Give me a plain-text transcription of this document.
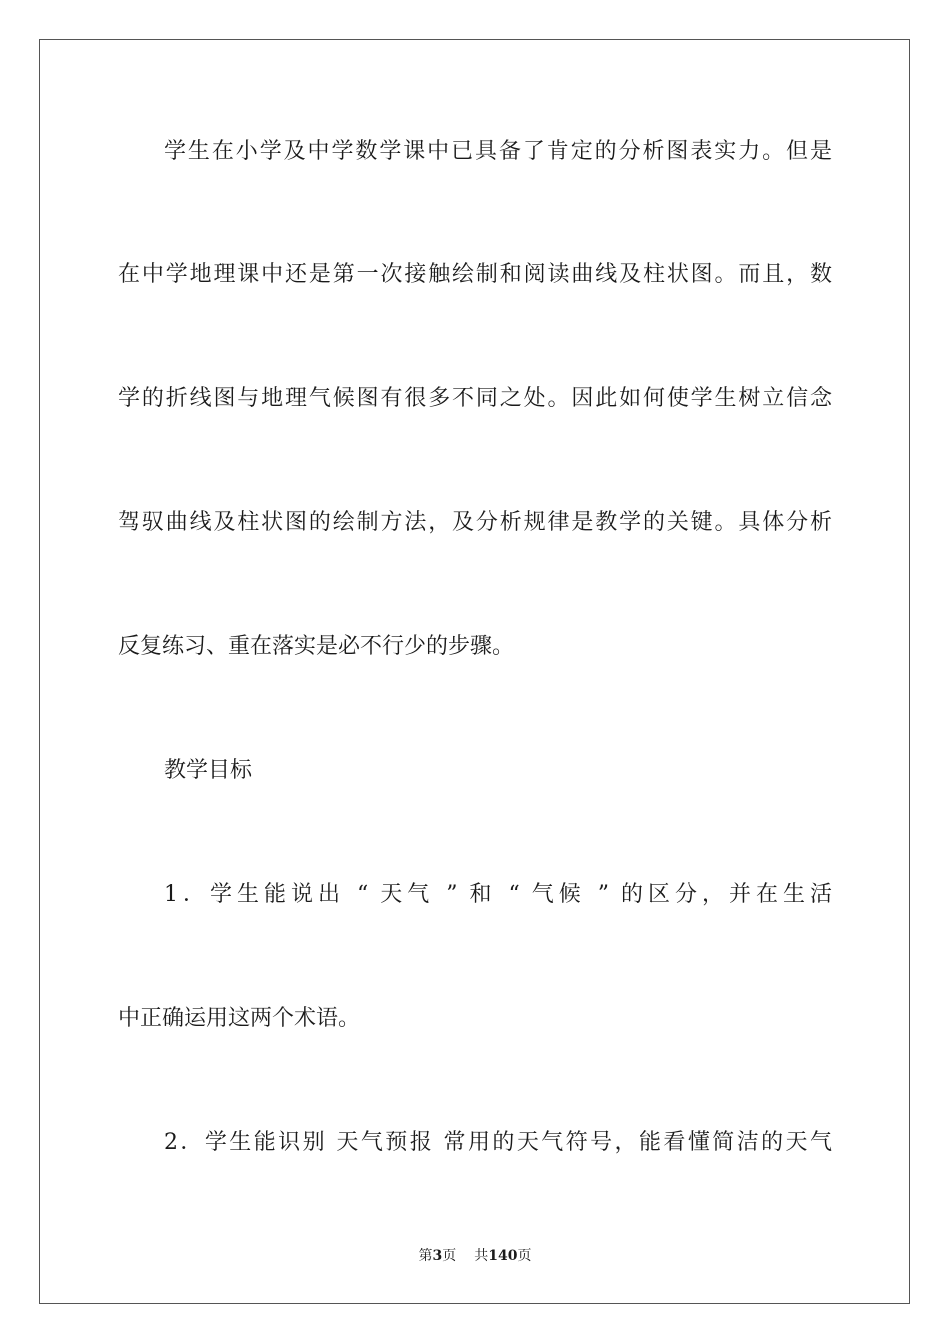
学生在小学及中学数学课中已具备了肯定的分析图表实力。但是
在中学地理课中还是第一次接触绘制和阅读曲线及柱状图。而且，数
学的折线图与地理气候图有很多不同之处。因此如何使学生树立信念
驾驭曲线及柱状图的绘制方法，及分析规律是教学的关键。具体分析
反复练习、重在落实是必不行少的步骤。
教学目标
1．学生能说出 “ 天气 ” 和 “ 气候 ” 的区分，并在生活
中正确运用这两个术语。
2．学生能识别 天气预报 常用的天气符号，能看懂简洁的天气
第3页 共140页
